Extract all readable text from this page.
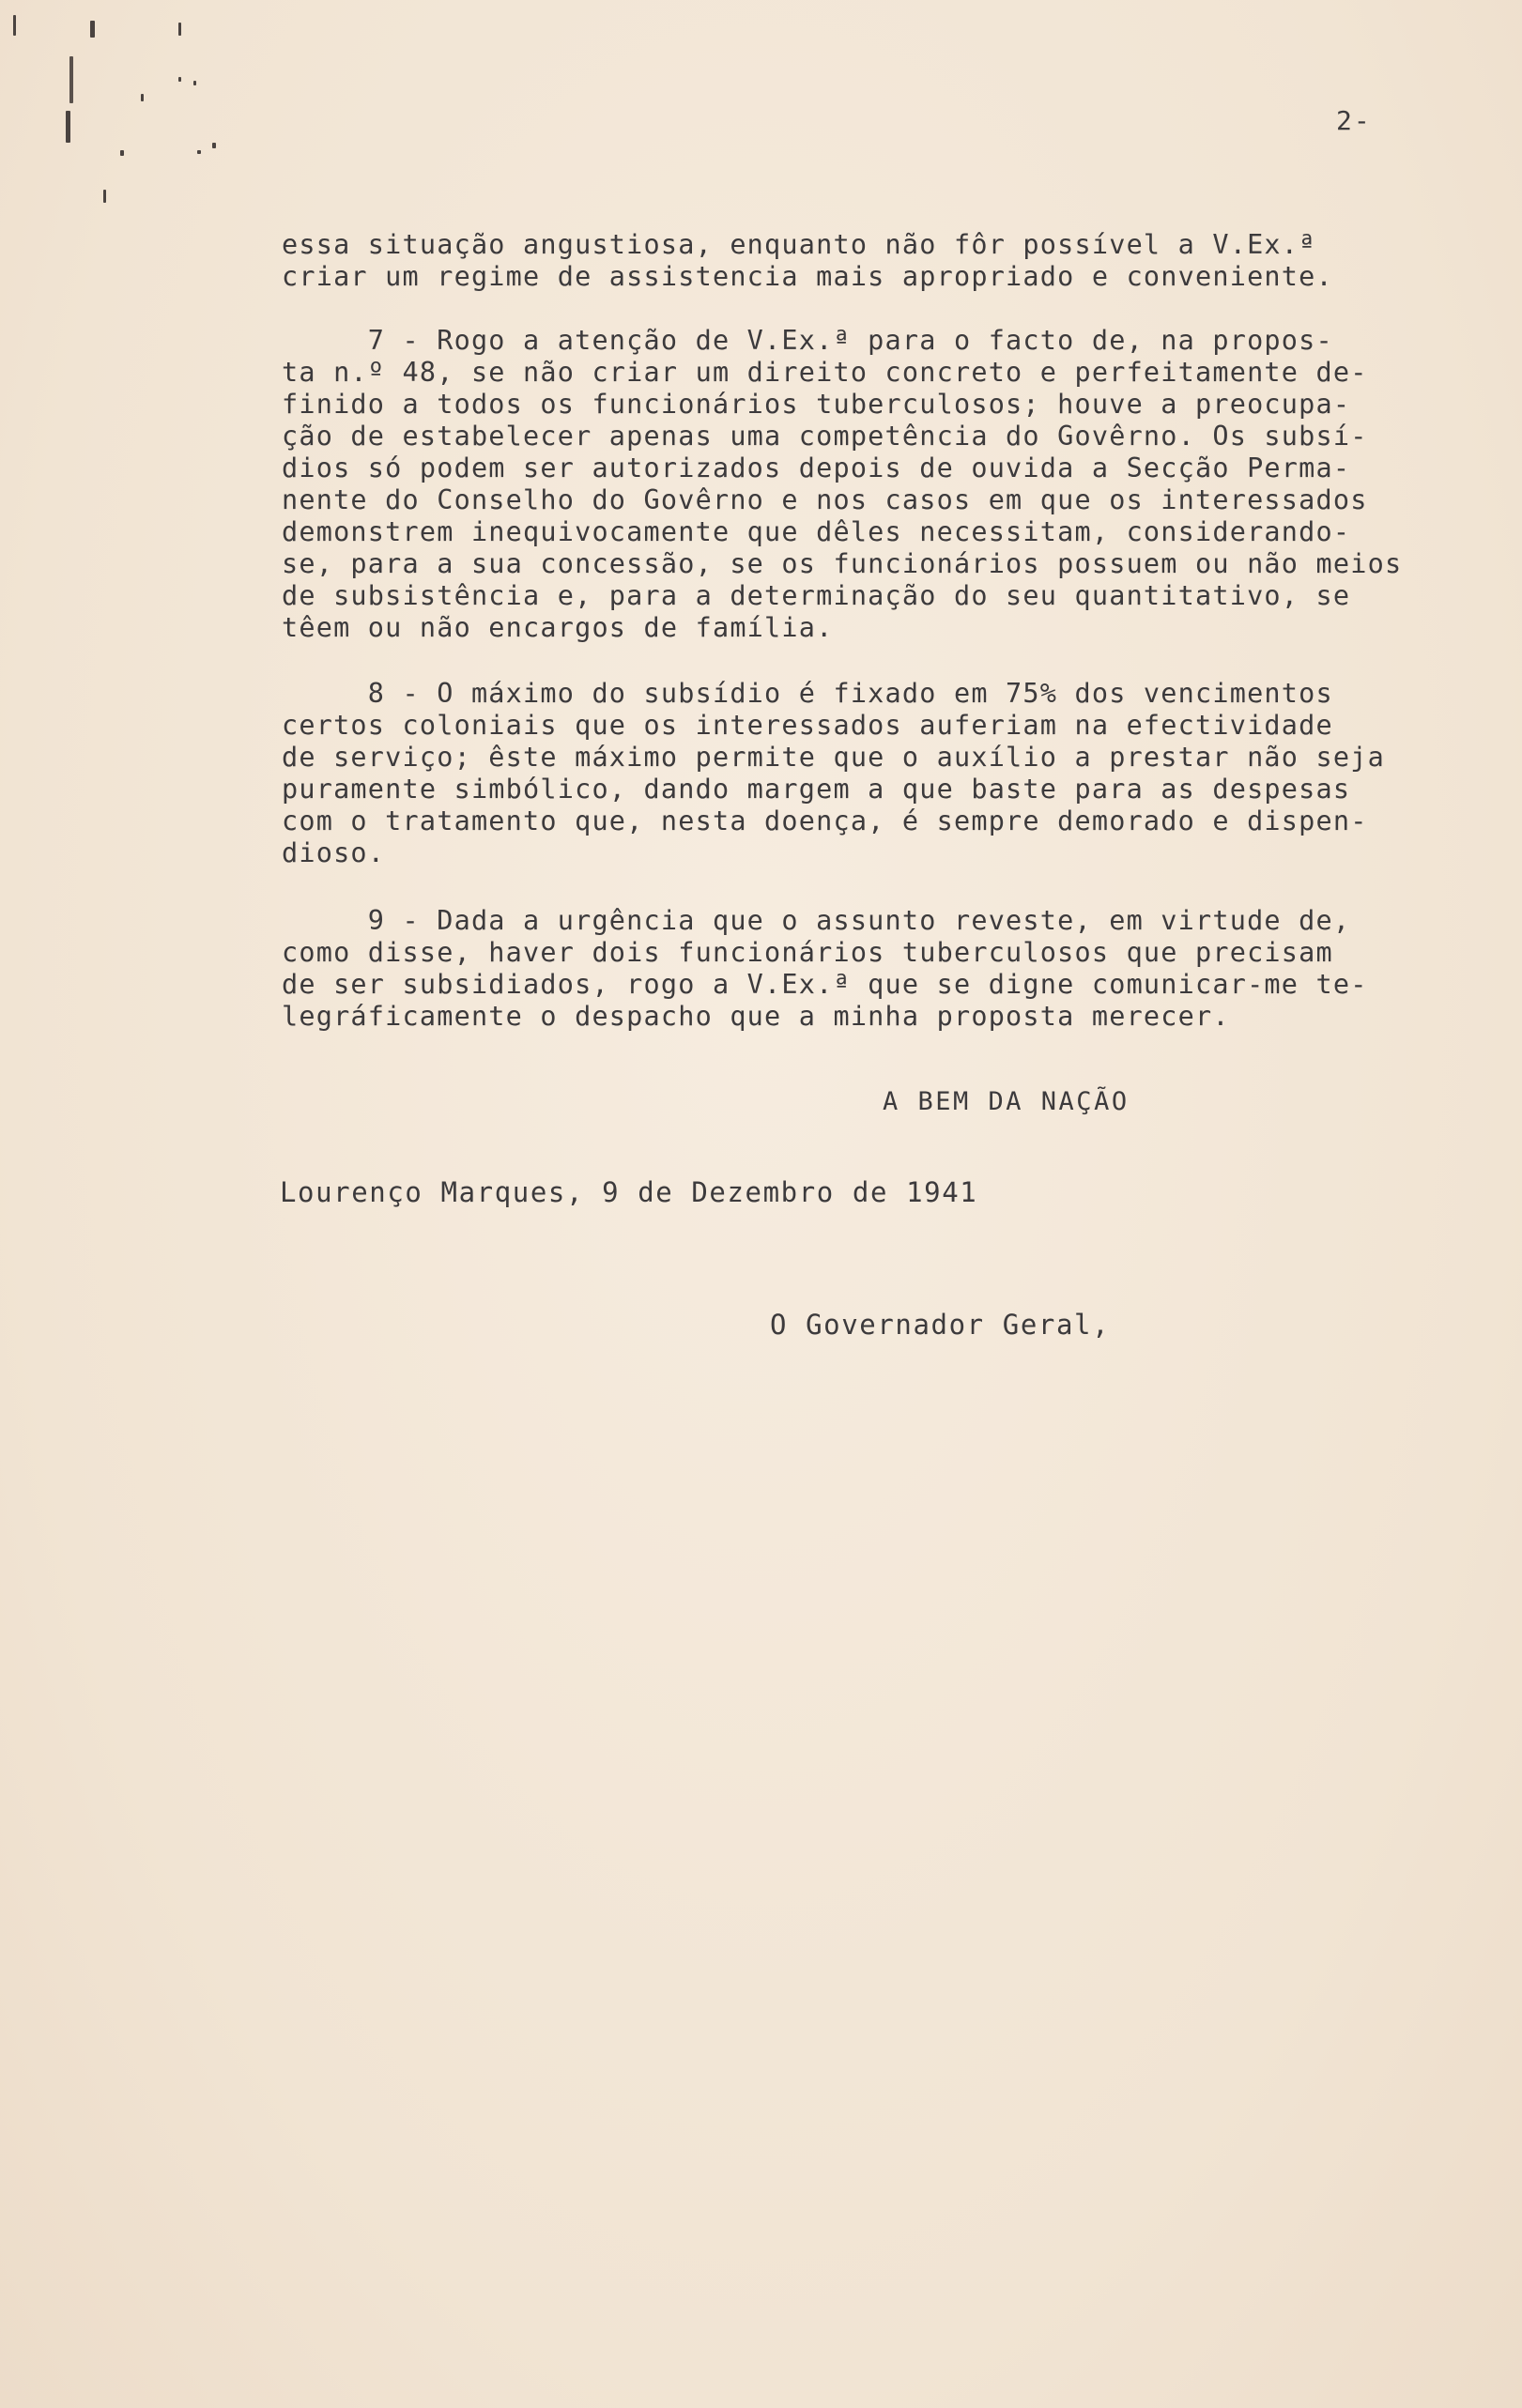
2-
essa situação angustiosa, enquanto não fôr possível a V.Ex.ª
criar um regime de assistencia mais apropriado e conveniente.
7 - Rogo a atenção de V.Ex.ª para o facto de, na propos-
ta n.º 48, se não criar um direito concreto e perfeitamente de-
finido a todos os funcionários tuberculosos; houve a preocupa-
ção de estabelecer apenas uma competência do Govêrno. Os subsí-
dios só podem ser autorizados depois de ouvida a Secção Perma-
nente do Conselho do Govêrno e nos casos em que os interessados
demonstrem inequivocamente que dêles necessitam, considerando-
se, para a sua concessão, se os funcionários possuem ou não meios
de subsistência e, para a determinação do seu quantitativo, se
têem ou não encargos de família.
8 - O máximo do subsídio é fixado em 75% dos vencimentos
certos coloniais que os interessados auferiam na efectividade
de serviço; êste máximo permite que o auxílio a prestar não seja
puramente simbólico, dando margem a que baste para as despesas
com o tratamento que, nesta doença, é sempre demorado e dispen-
dioso.
9 - Dada a urgência que o assunto reveste, em virtude de,
como disse, haver dois funcionários tuberculosos que precisam
de ser subsidiados, rogo a V.Ex.ª que se digne comunicar-me te-
legráficamente o despacho que a minha proposta merecer.
A BEM DA NAÇÃO
Lourenço Marques, 9 de Dezembro de 1941
O Governador Geral,
